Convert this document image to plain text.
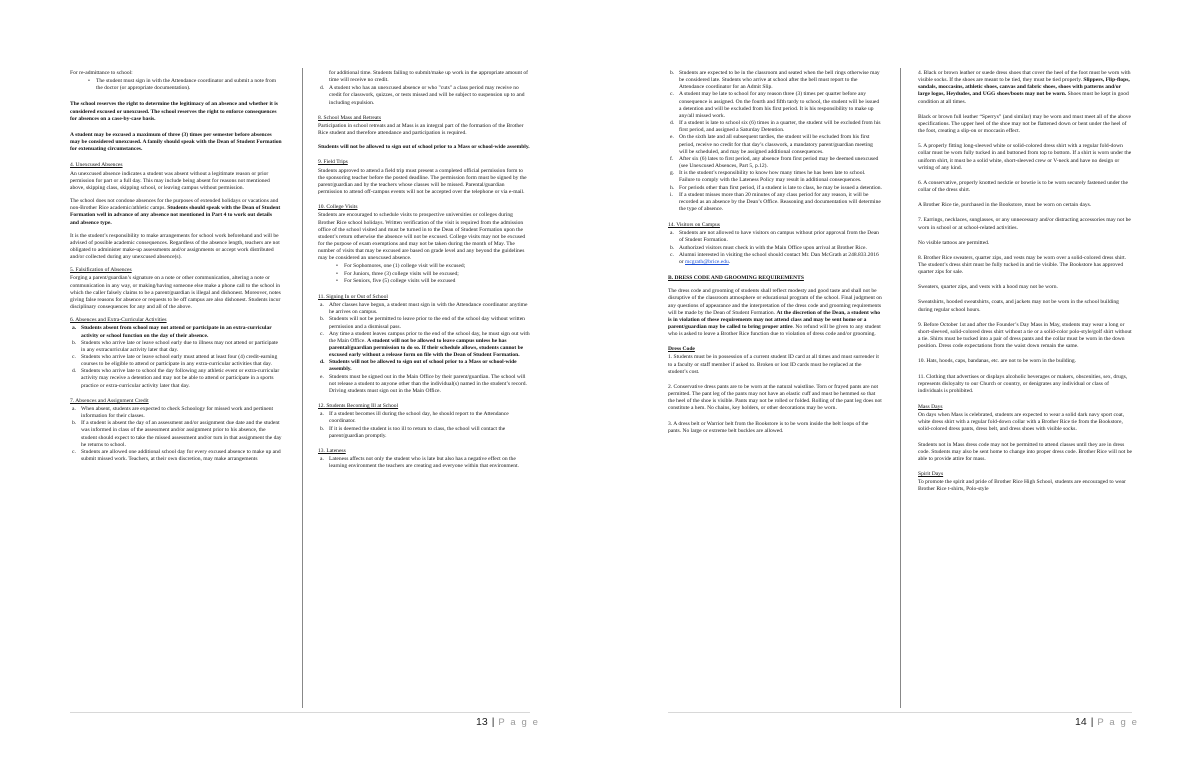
For re-admittance to school:

•	The student must sign in with the Attendance coordinator and submit a note from the doctor (or appropriate documentation).

The school reserves the right to determine the legitimacy of an absence and whether it is considered excused or unexcused. The school reserves the right to enforce consequences for absences on a case-by-case basis.

A student may be excused a maximum of three (3) times per semester before absences may be considered unexcused. A family should speak with the Dean of Student Formation for extenuating circumstances.

4. Unexcused Absences

An unexcused absence indicates a student was absent without a legitimate reason or prior permission for part or a full day. This may include being absent for reasons not mentioned above, skipping class, skipping school, or leaving campus without permission.

The school does not condone absences for the purposes of extended holidays or vacations and non-Brother Rice academic/athletic camps. Students should speak with the Dean of Student Formation well in advance of any absence not mentioned in Part 4 to work out details and absence type.

It is the student’s responsibility to make arrangements for school work beforehand and will be advised of possible academic consequences. Regardless of the absence length, teachers are not obligated to administer make-up assessments and/or assignments or accept work distributed and/or collected during any unexcused absence(s).

5. Falsification of Absences

Forging a parent/guardian’s signature on a note or other communication, altering a note or communication in any way, or making/having someone else make a phone call to the school in which the caller falsely claims to be a parent/guardian is illegal and dishonest. Moreover, notes giving false reasons for absence or requests to be off campus are also dishonest. Students incur disciplinary consequences for any and all of the above.

6. Absences and Extra-Curricular Activities
a. Students absent from school may not attend or participate in an extra-curricular activity or school function on the day of their absence.
b. Students who arrive late or leave school early due to illness may not attend or participate in any extracurricular activity later that day.
c. Students who arrive late or leave school early must attend at least four (4) credit-earning courses to be eligible to attend or participate in any extra-curricular activities that day.
d. Students who arrive late to school the day following any athletic event or extra-curricular activity may receive a detention and may not be able to attend or participate in a sports practice or extra-curricular activity later that day.
7. Absences and Assignment Credit
a. When absent, students are expected to check Schoology for missed work and pertinent information for their classes.
b. If a student is absent the day of an assessment and/or assignment due date and the student was informed in class of the assessment and/or assignment prior to his absence, the student should expect to take the missed assessment and/or turn in that assignment the day he returns to school.
c. Students are allowed one additional school day for every excused absence to make up and submit missed work. Teachers, at their own discretion, may make arrangements
for additional time. Students failing to submit/make up work in the appropriate amount of time will receive no credit.
d. A student who has an unexcused absence or who "cuts" a class period may receive no credit for classwork, quizzes, or tests missed and will be subject to suspension up to and including expulsion.
8. School Mass and Retreats

Participation in school retreats and at Mass is an integral part of the formation of the Brother Rice student and therefore attendance and participation is required.

Students will not be allowed to sign out of school prior to a Mass or school-wide assembly.

9. Field Trips

Students approved to attend a field trip must present a completed official permission form to the sponsoring teacher before the posted deadline. The permission form must be signed by the parent/guardian and by the teachers whose classes will be missed. Parental/guardian permission to attend off-campus events will not be accepted over the telephone or via e-mail.

10. College Visits

Students are encouraged to schedule visits to prospective universities or colleges during Brother Rice school holidays. Written verification of the visit is required from the admission office of the school visited and must be turned in to the Dean of Student Formation upon the student’s return otherwise the absence will not be excused. College visits may not be excused for the purpose of exam exemptions and may not be taken during the month of May. The number of visits that may be excused are based on grade level and any beyond the guidelines may be considered an unexcused absence.

•	For Sophomores, one (1) college visit will be excused;
•	For Juniors, three (3) college visits will be excused;
•	For Seniors, five (5) college visits will be excused
11. Signing In or Out of School
a. After classes have begun, a student must sign in with the Attendance coordinator anytime he arrives on campus.
b. Students will not be permitted to leave prior to the end of the school day without written permission and a dismissal pass.
c. Any time a student leaves campus prior to the end of the school day, he must sign out with the Main Office. A student will not be allowed to leave campus unless he has parental/guardian permission to do so. If their schedule allows, students cannot be excused early without a release form on file with the Dean of Student Formation.
d. Students will not be allowed to sign out of school prior to a Mass or school-wide assembly.
e. Students must be signed out in the Main Office by their parent/guardian. The school will not release a student to anyone other than the individual(s) named in the student’s record. Driving students must sign out in the Main Office.
12. Students Becoming Ill at School
a. If a student becomes ill during the school day, he should report to the Attendance coordinator.
b. If it is deemed the student is too ill to return to class, the school will contact the parent/guardian promptly.
13. Lateness
a. Lateness affects not only the student who is late but also has a negative effect on the learning environment the teachers are creating and everyone within that environment.
13 | P a g e
b. Students are expected to be in the classroom and seated when the bell rings otherwise may be considered late. Students who arrive at school after the bell must report to the Attendance coordinator for an Admit Slip.
c. A student may be late to school for any reason three (3) times per quarter before any consequence is assigned. On the fourth and fifth tardy to school, the student will be issued a detention and will be excluded from his first period. It is his responsibility to make up any/all missed work.
d. If a student is late to school six (6) times in a quarter, the student will be excluded from his first period, and assigned a Saturday Detention.
e. On the sixth late and all subsequent tardies, the student will be excluded from his first period, receive no credit for that day’s classwork, a mandatory parent/guardian meeting will be scheduled, and may be assigned additional consequences.
f.	After six (6) lates to first period, any absence from first period may be deemed unexcused (see Unexcused Absences, Part 5, p.12).
g. It is the student’s responsibility to know how many times he has been late to school. Failure to comply with the Lateness Policy may result in additional consequences.
h. For periods other than first period, if a student is late to class, he may be issued a detention.
i.	If a student misses more than 20 minutes of any class period for any reason, it will be recorded as an absence by the Dean’s Office. Reasoning and documentation will determine the type of absence.
14. Visitors on Campus
a. Students are not allowed to have visitors on campus without prior approval from the Dean of Student Formation.
b. Authorized visitors must check in with the Main Office upon arrival at Brother Rice.
c. Alumni interested in visiting the school should contact Mr. Dan McGrath at 248.833.2016 or mcgrath@brice.edu.
B. DRESS CODE AND GROOMING REQUIREMENTS

The dress code and grooming of students shall reflect modesty and good taste and shall not be disruptive of the classroom atmosphere or educational program of the school. Final judgment on any questions of appearance and the interpretation of the dress code and grooming requirements will be made by the Dean of Student Formation. At the discretion of the Dean, a student who is in violation of these requirements may not attend class and may be sent home or a parent/guardian may be called to bring proper attire. No refund will be given to any student who is asked to leave a Brother Rice function due to violation of dress code and/or grooming.

Dress Code

1. Students must be in possession of a current student ID card at all times and must surrender it to a faculty or staff member if asked to. Broken or lost ID cards must be replaced at the student’s cost.

2. Conservative dress pants are to be worn at the natural waistline. Torn or frayed pants are not permitted. The pant leg of the pants may not have an elastic cuff and must be hemmed so that the heel of the shoe is visible. Pants may not be rolled or folded. Rolling of the pant leg does not constitute a hem. No chains, key holders, or other decorations may be worn.

3. A dress belt or Warrior belt from the Bookstore is to be worn inside the belt loops of the pants. No large or extreme belt buckles are allowed.

4. Black or brown leather or suede dress shoes that cover the heel of the foot must be worn with visible socks. If the shoes are meant to be tied, they must be tied properly. Slippers, Flip-flops, sandals, moccasins, athletic shoes, canvas and fabric shoes, shoes with patterns and/or large logos, Heydudes, and UGG shoes/boots may not be worn. Shoes must be kept in good condition at all times.

Black or brown full leather “Sperrys” (and similar) may be worn and must meet all of the above specifications. The upper heel of the shoe may not be flattened down or bent under the heel of the foot, creating a slip-on or moccasin effect.

5. A properly fitting long-sleeved white or solid-colored dress shirt with a regular fold-down collar must be worn fully tucked in and buttoned from top to bottom. If a shirt is worn under the uniform shirt, it must be a solid white, short-sleeved crew or V-neck and have no design or writing of any kind.

6. A conservative, properly knotted necktie or bowtie is to be worn securely fastened under the collar of the dress shirt.

A Brother Rice tie, purchased in the Bookstore, must be worn on certain days.

7. Earrings, necklaces, sunglasses, or any unnecessary and/or distracting accessories may not be worn in school or at school-related activities.

No visible tattoos are permitted.

8. Brother Rice sweaters, quarter zips, and vests may be worn over a solid-colored dress shirt. The student’s dress shirt must be fully tucked in and tie visible. The Bookstore has approved quarter zips for sale.

Sweaters, quarter zips, and vests with a hood may not be worn.

Sweatshirts, hooded sweatshirts, coats, and jackets may not be worn in the school building during regular school hours.

9. Before October 1st and after the Founder’s Day Mass in May, students may wear a long or short-sleeved, solid-colored dress shirt without a tie or a solid-color polo-style/golf shirt without a tie. Shirts must be tucked into a pair of dress pants and the collar must be worn in the down position. Dress code expectations from the waist down remain the same.

10. Hats, hoods, caps, bandanas, etc. are not to be worn in the building.

11. Clothing that advertises or displays alcoholic beverages or makers, obscenities, sex, drugs, represents disloyalty to our Church or country, or denigrates any individual or class of individuals is prohibited.

Mass Days

On days when Mass is celebrated, students are expected to wear a solid dark navy sport coat, white dress shirt with a regular fold-down collar with a Brother Rice tie from the Bookstore, solid-colored dress pants, dress belt, and dress shoes with visible socks.

Students not in Mass dress code may not be permitted to attend classes until they are in dress code. Students may also be sent home to change into proper dress code. Brother Rice will not be able to provide attire for mass.

Spirit Days

To promote the spirit and pride of Brother Rice High School, students are encouraged to wear Brother Rice t-shirts, Polo-style

14 | P a g e
